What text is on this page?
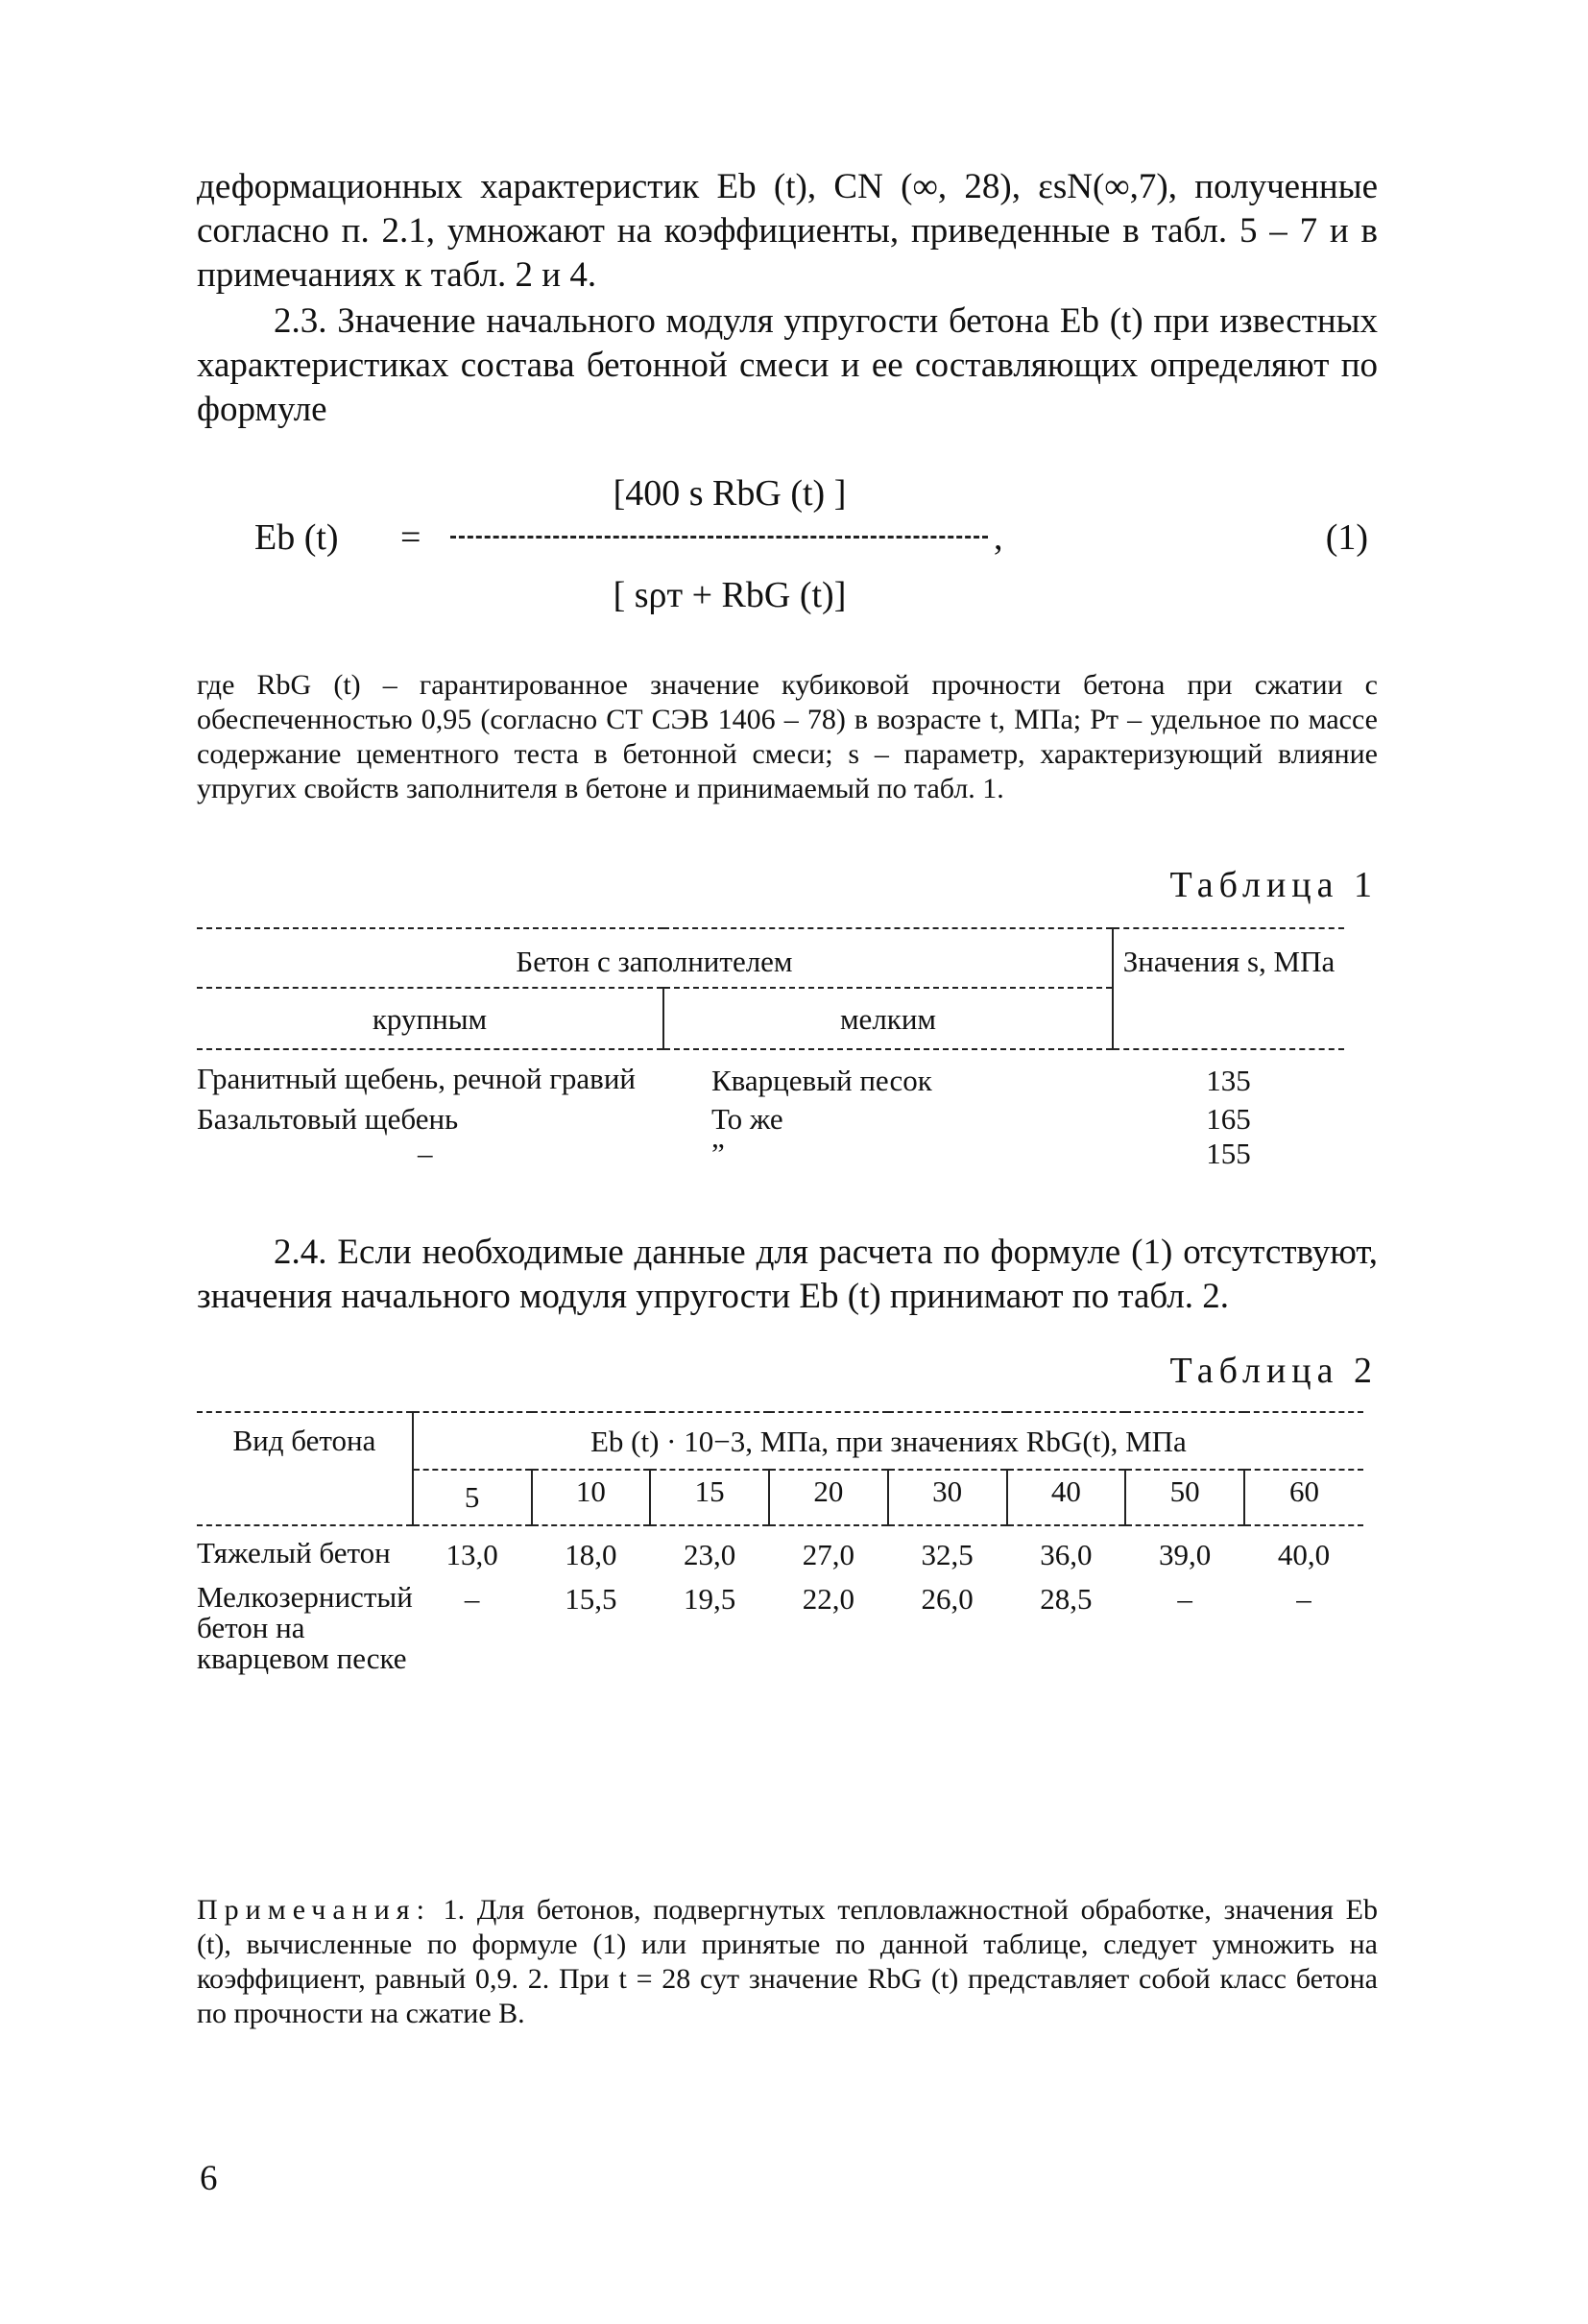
деформационных характеристик Eb (t), CN (∞, 28), εsN(∞,7), полученные согласно п. 2.1, умножают на коэффициенты, приведенные в табл. 5 – 7 и в примечаниях к табл. 2 и 4.

2.3. Значение начального модуля упругости бетона Eb (t) при известных характеристиках состава бетонной смеси и ее составляющих определяют по формуле

Eb (t) =
[400 s RbG (t) ]
[ sρт + RbG (t)]
,	(1)

где RbG (t) – гарантированное значение кубиковой прочности бетона при сжатии с обеспеченностью 0,95 (согласно СТ СЭВ 1406 – 78) в возрасте t, МПа; Pт – удельное по массе содержание цементного теста в бетонной смеси; s – параметр, характеризующий влияние упругих свойств заполнителя в бетоне и принимаемый по табл. 1.

Таблица 1
Бетон с заполнителем		Значения s, МПа
крупным	мелким	
Гранитный щебень, речной гравий	Кварцевый песок	135
Базальтовый щебень	То же	165
–	”	155

2.4. Если необходимые данные для расчета по формуле (1) отсутствуют, значения начального модуля упругости Eb (t) принимают по табл. 2.

Таблица 2
Вид бетона	Eb (t) · 10−3, МПа, при значениях RbG(t), МПа							
	5	10	15	20	30	40	50	60
Тяжелый бетон	13,0	18,0	23,0	27,0	32,5	36,0	39,0	40,0
Мелкозернистый бетон на кварцевом песке	–	15,5	19,5	22,0	26,0	28,5	–	–

Примечания: 1. Для бетонов, подвергнутых тепловлажностной обработке, значения Eb (t), вычисленные по формуле (1) или принятые по данной таблице, следует умножить на коэффициент, равный 0,9. 2. При t = 28 сут значение RbG (t) представляет собой класс бетона по прочности на сжатие В.

6
